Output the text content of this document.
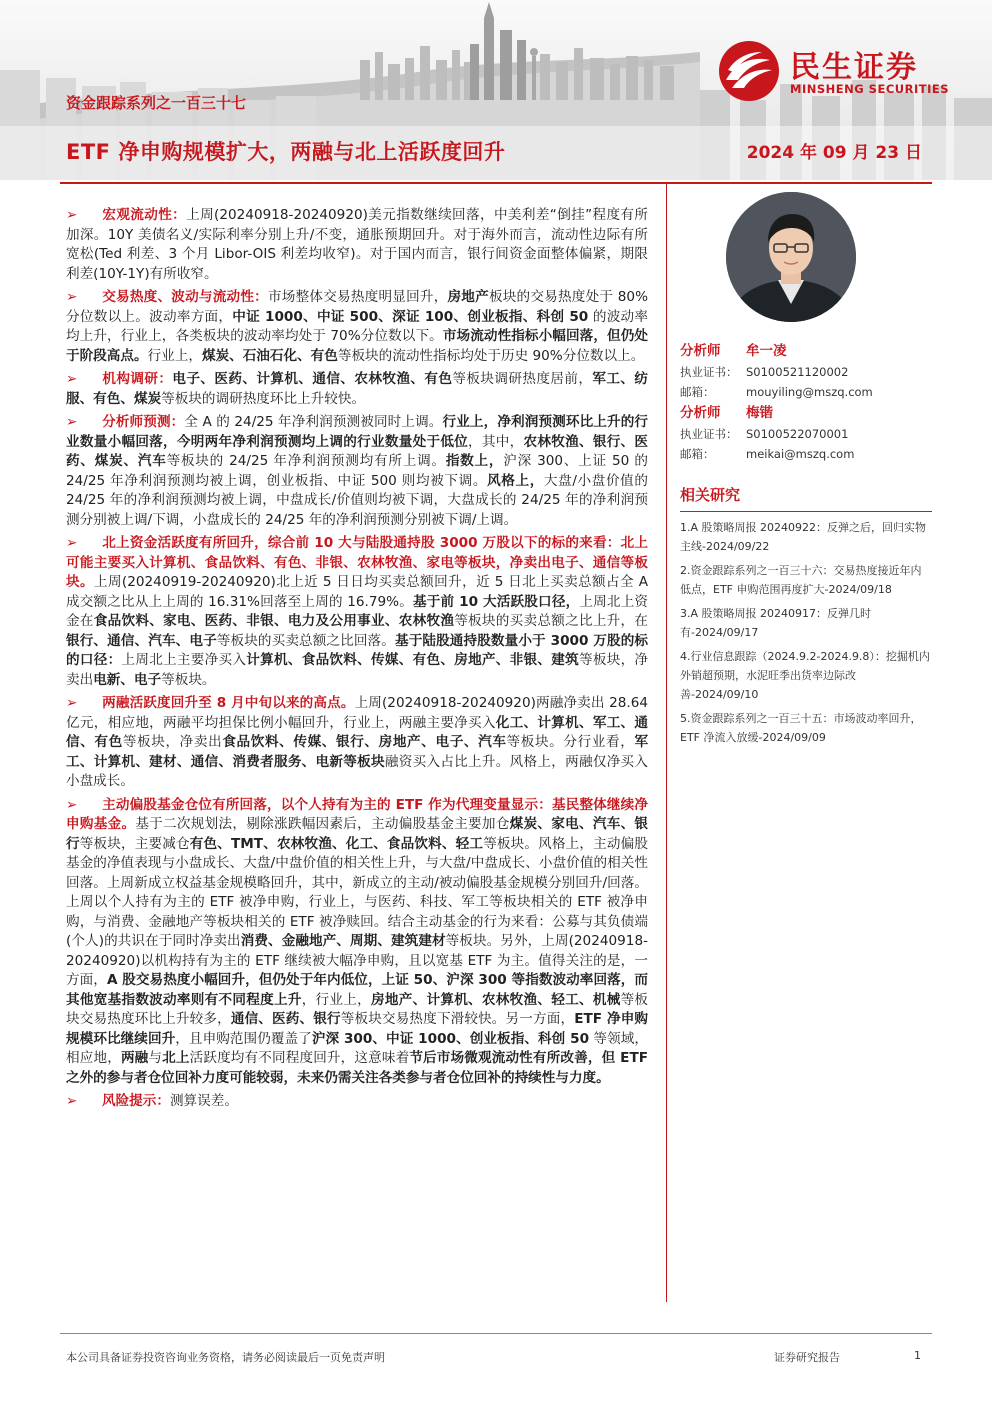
资金跟踪系列之一百三十七
ETF 净申购规模扩大，两融与北上活跃度回升	2024 年 09 月 23 日
民生证券
MINSHENG SECURITIES

➢ 宏观流动性：上周(20240918-20240920)美元指数继续回落，中美利差“倒挂”程度有所加深。10Y 美债名义/实际利率分别上升/不变，通胀预期回升。对于海外而言，流动性边际有所宽松(Ted 利差、3 个月 Libor-OIS 利差均收窄)。对于国内而言，银行间资金面整体偏紧，期限利差(10Y-1Y)有所收窄。

➢ 交易热度、波动与流动性：市场整体交易热度明显回升，房地产板块的交易热度处于 80%分位数以上。波动率方面，中证 1000、中证 500、深证 100、创业板指、科创 50 的波动率均上升，行业上，各类板块的波动率均处于 70%分位数以下。市场流动性指标小幅回落，但仍处于阶段高点。行业上，煤炭、石油石化、有色等板块的流动性指标均处于历史 90%分位数以上。

➢ 机构调研：电子、医药、计算机、通信、农林牧渔、有色等板块调研热度居前，军工、纺服、有色、煤炭等板块的调研热度环比上升较快。

➢ 分析师预测：全 A 的 24/25 年净利润预测被同时上调。行业上，净利润预测环比上升的行业数量小幅回落，今明两年净利润预测均上调的行业数量处于低位，其中，农林牧渔、银行、医药、煤炭、汽车等板块的 24/25 年净利润预测均有所上调。指数上，沪深 300、上证 50 的 24/25 年净利润预测均被上调，创业板指、中证 500 则均被下调。风格上，大盘/小盘价值的 24/25 年的净利润预测均被上调，中盘成长/价值则均被下调，大盘成长的 24/25 年的净利润预测分别被上调/下调，小盘成长的 24/25 年的净利润预测分别被下调/上调。

➢ 北上资金活跃度有所回升，综合前 10 大与陆股通持股 3000 万股以下的标的来看：北上可能主要买入计算机、食品饮料、有色、非银、农林牧渔、家电等板块，净卖出电子、通信等板块。上周(20240919-20240920)北上近 5 日日均买卖总额回升，近 5 日北上买卖总额占全 A 成交额之比从上上周的 16.31%回落至上周的 16.79%。基于前 10 大活跃股口径，上周北上资金在食品饮料、家电、医药、非银、电力及公用事业、农林牧渔等板块的买卖总额之比上升，在银行、通信、汽车、电子等板块的买卖总额之比回落。基于陆股通持股数量小于 3000 万股的标的口径：上周北上主要净买入计算机、食品饮料、传媒、有色、房地产、非银、建筑等板块，净卖出电新、电子等板块。

➢ 两融活跃度回升至 8 月中旬以来的高点。上周(20240918-20240920)两融净卖出 28.64 亿元，相应地，两融平均担保比例小幅回升，行业上，两融主要净买入化工、计算机、军工、通信、有色等板块，净卖出食品饮料、传媒、银行、房地产、电子、汽车等板块。分行业看，军工、计算机、建材、通信、消费者服务、电新等板块融资买入占比上升。风格上，两融仅净买入小盘成长。

➢ 主动偏股基金仓位有所回落，以个人持有为主的 ETF 作为代理变量显示：基民整体继续净申购基金。基于二次规划法，剔除涨跌幅因素后，主动偏股基金主要加仓煤炭、家电、汽车、银行等板块，主要减仓有色、TMT、农林牧渔、化工、食品饮料、轻工等板块。风格上，主动偏股基金的净值表现与小盘成长、大盘/中盘价值的相关性上升，与大盘/中盘成长、小盘价值的相关性回落。上周新成立权益基金规模略回升，其中，新成立的主动/被动偏股基金规模分别回升/回落。上周以个人持有为主的 ETF 被净申购，行业上，与医药、科技、军工等板块相关的 ETF 被净申购，与消费、金融地产等板块相关的 ETF 被净赎回。结合主动基金的行为来看：公募与其负债端(个人)的共识在于同时净卖出消费、金融地产、周期、建筑建材等板块。另外，上周(20240918-20240920)以机构持有为主的 ETF 继续被大幅净申购，且以宽基 ETF 为主。值得关注的是，一方面，A 股交易热度小幅回升，但仍处于年内低位，上证 50、沪深 300 等指数波动率回落，而其他宽基指数波动率则有不同程度上升，行业上，房地产、计算机、农林牧渔、轻工、机械等板块交易热度环比上升较多，通信、医药、银行等板块交易热度下滑较快。另一方面，ETF 净申购规模环比继续回升，且申购范围仍覆盖了沪深 300、中证 1000、创业板指、科创 50 等领域，相应地，两融与北上活跃度均有不同程度回升，这意味着节后市场微观流动性有所改善，但 ETF 之外的参与者仓位回补力度可能较弱，未来仍需关注各类参与者仓位回补的持续性与力度。

➢ 风险提示：测算误差。

分析师 牟一凌
执业证书： S0100521120002
邮箱：	mouyiling@mszq.com
分析师 梅锴
执业证书： S0100522070001
邮箱：	meikai@mszq.com
相关研究
1.A 股策略周报 20240922：反弹之后，回归实物主线-2024/09/22
2.资金跟踪系列之一百三十六：交易热度接近年内低点，ETF 申购范围再度扩大-2024/09/18
3.A 股策略周报 20240917：反弹几时有-2024/09/17
4.行业信息跟踪（2024.9.2-2024.9.8）：挖掘机内外销超预期，水泥旺季出货率边际改善-2024/09/10
5.资金跟踪系列之一百三十五：市场波动率回升，ETF 净流入放缓-2024/09/09
本公司具备证券投资咨询业务资格，请务必阅读最后一页免责声明	证券研究报告	1
